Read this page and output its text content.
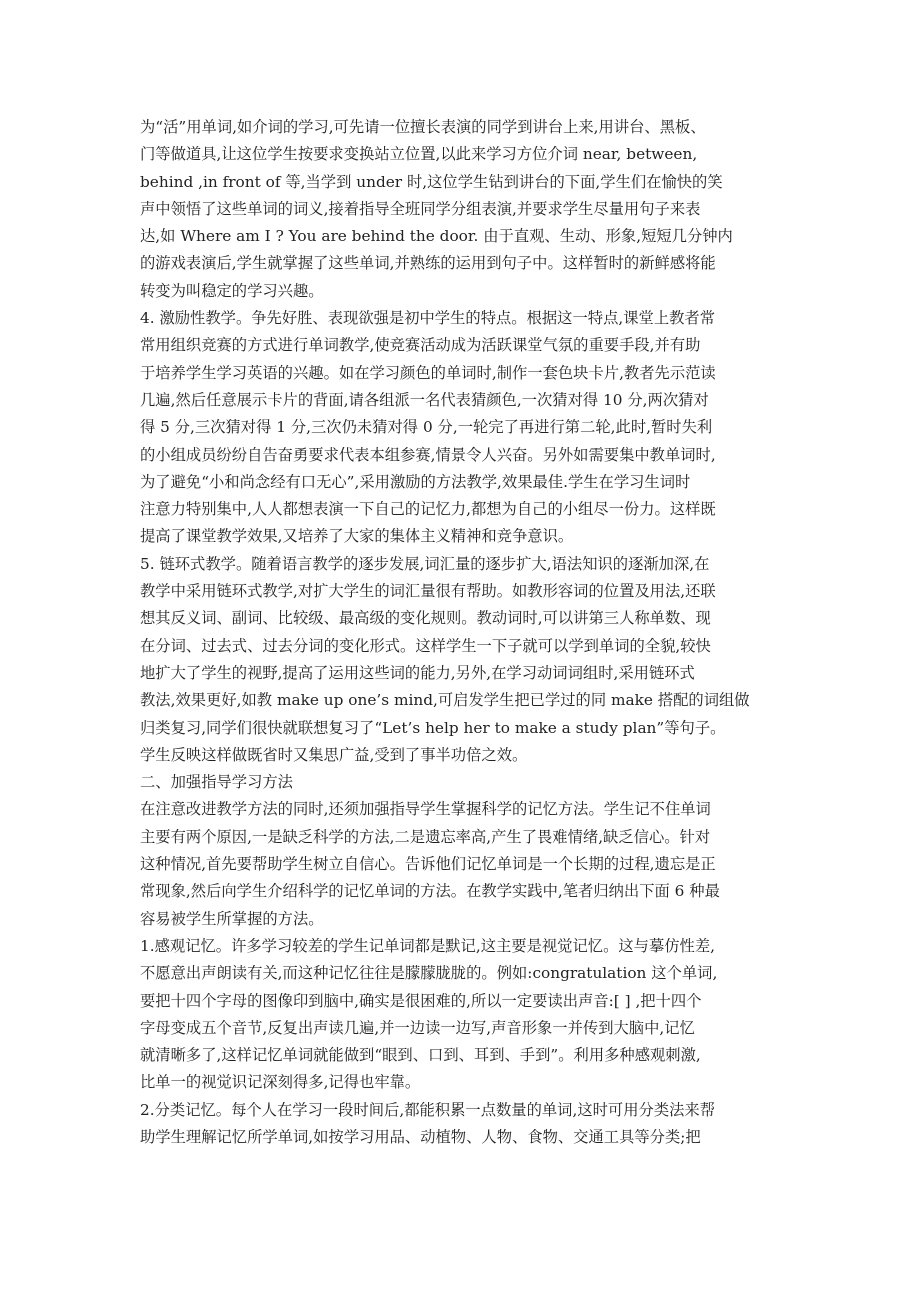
为“活”用单词,如介词的学习,可先请一位擅长表演的同学到讲台上来,用讲台、黑板、
门等做道具,让这位学生按要求变换站立位置,以此来学习方位介词 near, between,
behind ,in front of 等,当学到 under 时,这位学生钻到讲台的下面,学生们在愉快的笑
声中领悟了这些单词的词义,接着指导全班同学分组表演,并要求学生尽量用句子来表
达,如 Where am I ? You are behind the door. 由于直观、生动、形象,短短几分钟内
的游戏表演后,学生就掌握了这些单词,并熟练的运用到句子中。这样暂时的新鲜感将能
转变为叫稳定的学习兴趣。
4. 激励性教学。争先好胜、表现欲强是初中学生的特点。根据这一特点,课堂上教者常
常用组织竞赛的方式进行单词教学,使竞赛活动成为活跃课堂气氛的重要手段,并有助
于培养学生学习英语的兴趣。如在学习颜色的单词时,制作一套色块卡片,教者先示范读
几遍,然后任意展示卡片的背面,请各组派一名代表猜颜色,一次猜对得 10 分,两次猜对
得 5 分,三次猜对得 1 分,三次仍未猜对得 0 分,一轮完了再进行第二轮,此时,暂时失利
的小组成员纷纷自告奋勇要求代表本组参赛,情景令人兴奋。另外如需要集中教单词时,
为了避免“小和尚念经有口无心”,采用激励的方法教学,效果最佳.学生在学习生词时
注意力特别集中,人人都想表演一下自己的记忆力,都想为自己的小组尽一份力。这样既
提高了课堂教学效果,又培养了大家的集体主义精神和竞争意识。
5. 链环式教学。随着语言教学的逐步发展,词汇量的逐步扩大,语法知识的逐渐加深,在
教学中采用链环式教学,对扩大学生的词汇量很有帮助。如教形容词的位置及用法,还联
想其反义词、副词、比较级、最高级的变化规则。教动词时,可以讲第三人称单数、现
在分词、过去式、过去分词的变化形式。这样学生一下子就可以学到单词的全貌,较快
地扩大了学生的视野,提高了运用这些词的能力,另外,在学习动词词组时,采用链环式
教法,效果更好,如教 make up one’s mind,可启发学生把已学过的同 make 搭配的词组做
归类复习,同学们很快就联想复习了“Let’s help her to make a study plan”等句子。
学生反映这样做既省时又集思广益,受到了事半功倍之效。
二、加强指导学习方法
在注意改进教学方法的同时,还须加强指导学生掌握科学的记忆方法。学生记不住单词
主要有两个原因,一是缺乏科学的方法,二是遗忘率高,产生了畏难情绪,缺乏信心。针对
这种情况,首先要帮助学生树立自信心。告诉他们记忆单词是一个长期的过程,遗忘是正
常现象,然后向学生介绍科学的记忆单词的方法。在教学实践中,笔者归纳出下面 6 种最
容易被学生所掌握的方法。
1.感观记忆。许多学习较差的学生记单词都是默记,这主要是视觉记忆。这与摹仿性差,
不愿意出声朗读有关,而这种记忆往往是朦朦胧胧的。例如:congratulation 这个单词,
要把十四个字母的图像印到脑中,确实是很困难的,所以一定要读出声音:[ ] ,把十四个
字母变成五个音节,反复出声读几遍,并一边读一边写,声音形象一并传到大脑中,记忆
就清晰多了,这样记忆单词就能做到“眼到、口到、耳到、手到”。利用多种感观刺激,
比单一的视觉识记深刻得多,记得也牢靠。
2.分类记忆。每个人在学习一段时间后,都能积累一点数量的单词,这时可用分类法来帮
助学生理解记忆所学单词,如按学习用品、动植物、人物、食物、交通工具等分类;把
